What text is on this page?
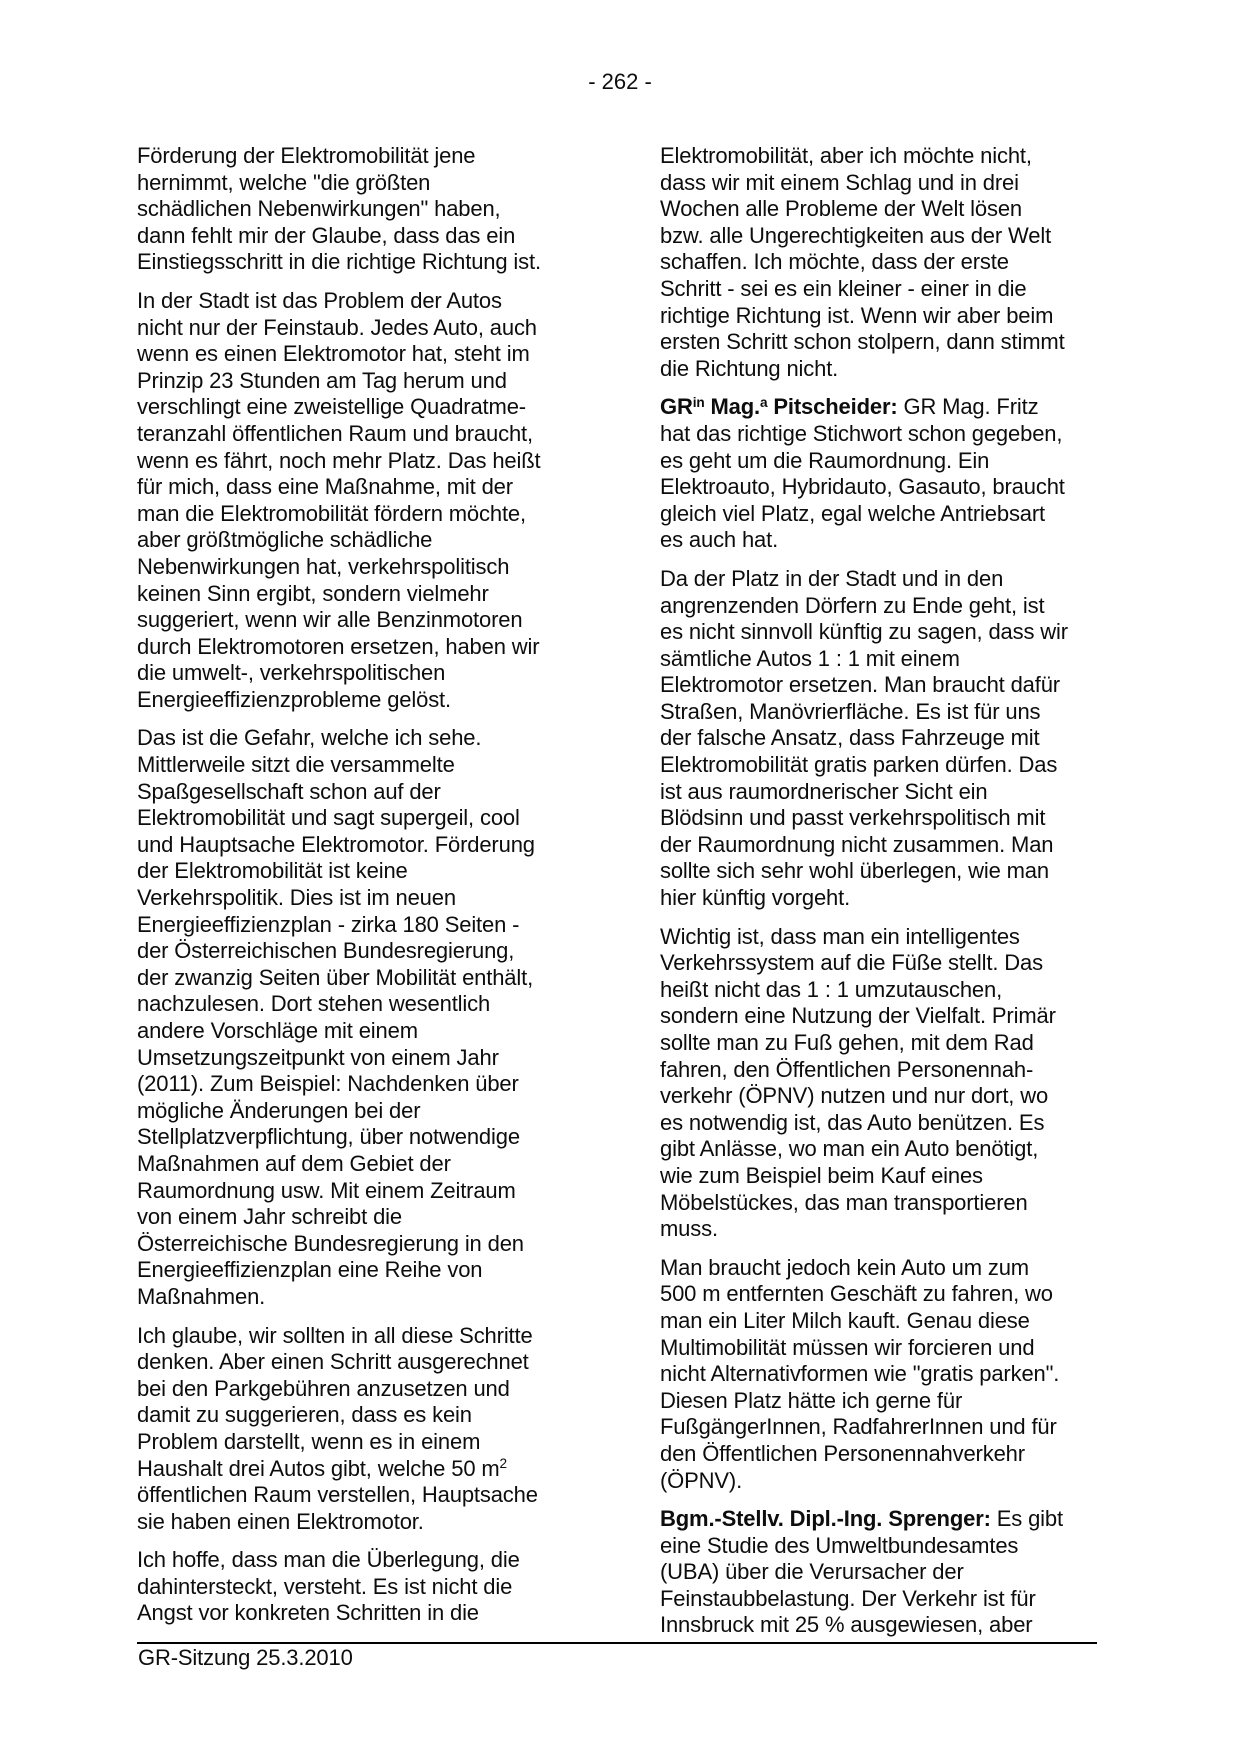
- 262 -

Förderung der Elektromobilität jene
hernimmt, welche "die größten
schädlichen Nebenwirkungen" haben,
dann fehlt mir der Glaube, dass das ein
Einstiegsschritt in die richtige Richtung ist.

In der Stadt ist das Problem der Autos
nicht nur der Feinstaub. Jedes Auto, auch
wenn es einen Elektromotor hat, steht im
Prinzip 23 Stunden am Tag herum und
verschlingt eine zweistellige Quadratme-
teranzahl öffentlichen Raum und braucht,
wenn es fährt, noch mehr Platz. Das heißt
für mich, dass eine Maßnahme, mit der
man die Elektromobilität fördern möchte,
aber größtmögliche schädliche
Nebenwirkungen hat, verkehrspolitisch
keinen Sinn ergibt, sondern vielmehr
suggeriert, wenn wir alle Benzinmotoren
durch Elektromotoren ersetzen, haben wir
die umwelt-, verkehrspolitischen
Energieeffizienzprobleme gelöst.

Das ist die Gefahr, welche ich sehe.
Mittlerweile sitzt die versammelte
Spaßgesellschaft schon auf der
Elektromobilität und sagt supergeil, cool
und Hauptsache Elektromotor. Förderung
der Elektromobilität ist keine
Verkehrspolitik. Dies ist im neuen
Energieeffizienzplan - zirka 180 Seiten -
der Österreichischen Bundesregierung,
der zwanzig Seiten über Mobilität enthält,
nachzulesen. Dort stehen wesentlich
andere Vorschläge mit einem
Umsetzungszeitpunkt von einem Jahr
(2011). Zum Beispiel: Nachdenken über
mögliche Änderungen bei der
Stellplatzverpflichtung, über notwendige
Maßnahmen auf dem Gebiet der
Raumordnung usw. Mit einem Zeitraum
von einem Jahr schreibt die
Österreichische Bundesregierung in den
Energieeffizienzplan eine Reihe von
Maßnahmen.

Ich glaube, wir sollten in all diese Schritte
denken. Aber einen Schritt ausgerechnet
bei den Parkgebühren anzusetzen und
damit zu suggerieren, dass es kein
Problem darstellt, wenn es in einem
Haushalt drei Autos gibt, welche 50 $m^2$
öffentlichen Raum verstellen, Hauptsache
sie haben einen Elektromotor.

Ich hoffe, dass man die Überlegung, die
dahintersteckt, versteht. Es ist nicht die
Angst vor konkreten Schritten in die

Elektromobilität, aber ich möchte nicht,
dass wir mit einem Schlag und in drei
Wochen alle Probleme der Welt lösen
bzw. alle Ungerechtigkeiten aus der Welt
schaffen. Ich möchte, dass der erste
Schritt - sei es ein kleiner - einer in die
richtige Richtung ist. Wenn wir aber beim
ersten Schritt schon stolpern, dann stimmt
die Richtung nicht.

$GR^{in}$ Mag.$^a$ Pitscheider: GR Mag. Fritz
hat das richtige Stichwort schon gegeben,
es geht um die Raumordnung. Ein
Elektroauto, Hybridauto, Gasauto, braucht
gleich viel Platz, egal welche Antriebsart
es auch hat.

Da der Platz in der Stadt und in den
angrenzenden Dörfern zu Ende geht, ist
es nicht sinnvoll künftig zu sagen, dass wir
sämtliche Autos 1 : 1 mit einem
Elektromotor ersetzen. Man braucht dafür
Straßen, Manövrierfläche. Es ist für uns
der falsche Ansatz, dass Fahrzeuge mit
Elektromobilität gratis parken dürfen. Das
ist aus raumordnerischer Sicht ein
Blödsinn und passt verkehrspolitisch mit
der Raumordnung nicht zusammen. Man
sollte sich sehr wohl überlegen, wie man
hier künftig vorgeht.

Wichtig ist, dass man ein intelligentes
Verkehrssystem auf die Füße stellt. Das
heißt nicht das 1 : 1 umzutauschen,
sondern eine Nutzung der Vielfalt. Primär
sollte man zu Fuß gehen, mit dem Rad
fahren, den Öffentlichen Personennah-
verkehr (ÖPNV) nutzen und nur dort, wo
es notwendig ist, das Auto benützen. Es
gibt Anlässe, wo man ein Auto benötigt,
wie zum Beispiel beim Kauf eines
Möbelstückes, das man transportieren
muss.

Man braucht jedoch kein Auto um zum
500 m entfernten Geschäft zu fahren, wo
man ein Liter Milch kauft. Genau diese
Multimobilität müssen wir forcieren und
nicht Alternativformen wie "gratis parken".
Diesen Platz hätte ich gerne für
FußgängerInnen, RadfahrerInnen und für
den Öffentlichen Personennahverkehr
(ÖPNV).

Bgm.-Stellv. Dipl.-Ing. Sprenger: Es gibt
eine Studie des Umweltbundesamtes
(UBA) über die Verursacher der
Feinstaubbelastung. Der Verkehr ist für
Innsbruck mit 25 % ausgewiesen, aber

GR-Sitzung 25.3.2010
